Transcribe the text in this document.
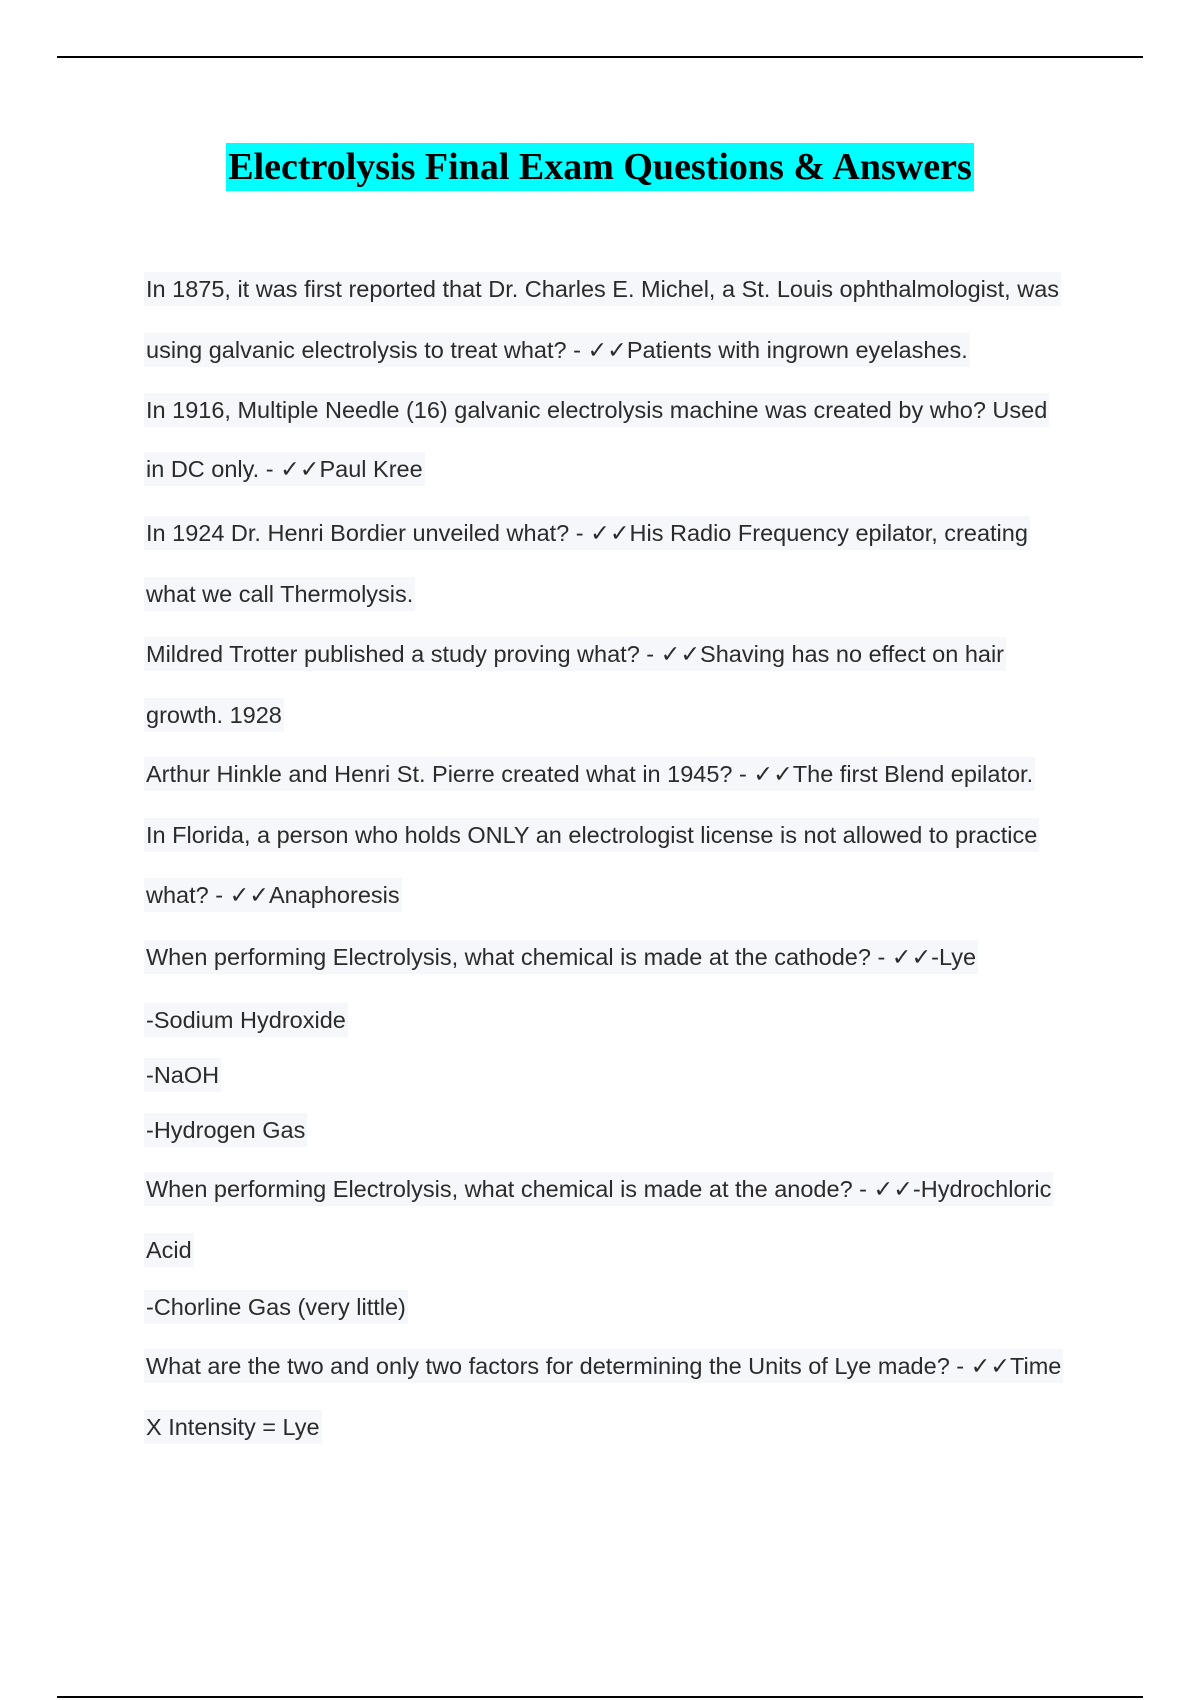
Electrolysis Final Exam Questions & Answers
In 1875, it was first reported that Dr. Charles E. Michel, a St. Louis ophthalmologist, was
using galvanic electrolysis to treat what? - ✓✓Patients with ingrown eyelashes.
In 1916, Multiple Needle (16) galvanic electrolysis machine was created by who? Used
in DC only. - ✓✓Paul Kree
In 1924 Dr. Henri Bordier unveiled what? - ✓✓His Radio Frequency epilator, creating
what we call Thermolysis.
Mildred Trotter published a study proving what? - ✓✓Shaving has no effect on hair
growth. 1928
Arthur Hinkle and Henri St. Pierre created what in 1945? - ✓✓The first Blend epilator.
In Florida, a person who holds ONLY an electrologist license is not allowed to practice
what? - ✓✓Anaphoresis
When performing Electrolysis, what chemical is made at the cathode? - ✓✓-Lye
-Sodium Hydroxide
-NaOH
-Hydrogen Gas
When performing Electrolysis, what chemical is made at the anode? - ✓✓-Hydrochloric
Acid
-Chorline Gas (very little)
What are the two and only two factors for determining the Units of Lye made? - ✓✓Time
X Intensity = Lye
